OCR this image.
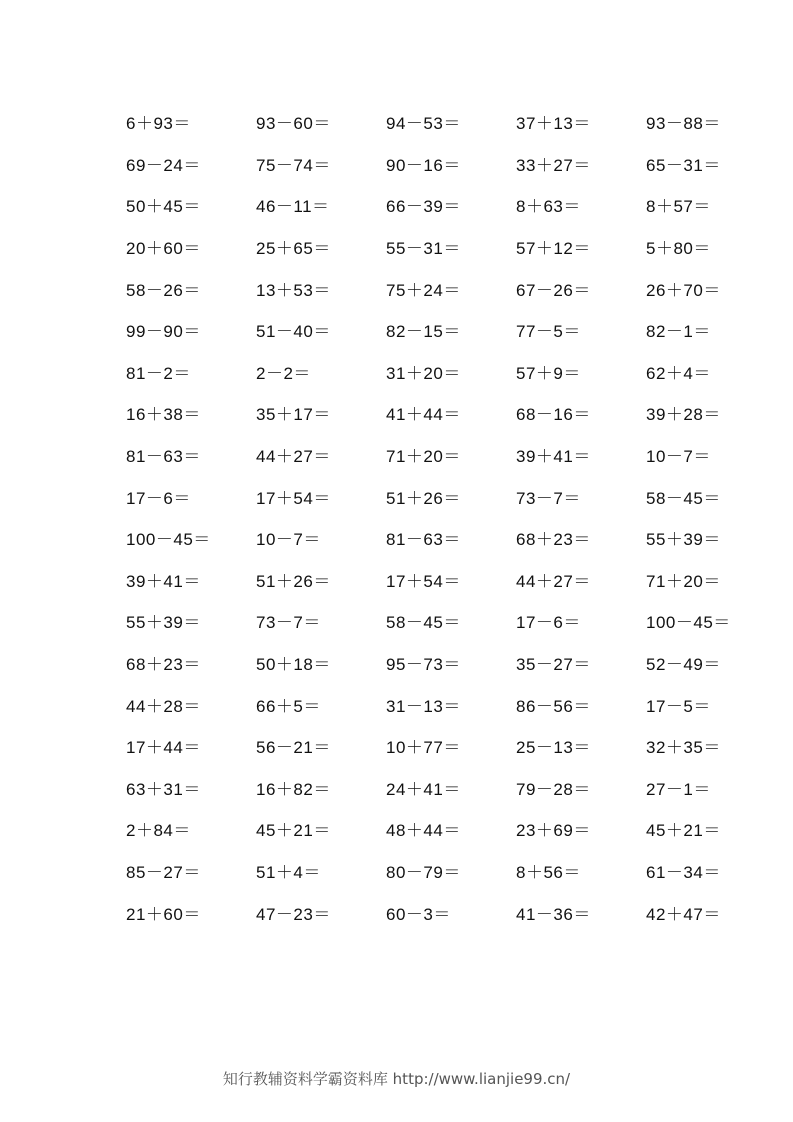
6＋93＝	93－60＝	94－53＝	37＋13＝	93－88＝
69－24＝	75－74＝	90－16＝	33＋27＝	65－31＝
50＋45＝	46－11＝	66－39＝	8＋63＝	8＋57＝
20＋60＝	25＋65＝	55－31＝	57＋12＝	5＋80＝
58－26＝	13＋53＝	75＋24＝	67－26＝	26＋70＝
99－90＝	51－40＝	82－15＝	77－5＝	82－1＝
81－2＝	2－2＝	31＋20＝	57＋9＝	62＋4＝
16＋38＝	35＋17＝	41＋44＝	68－16＝	39＋28＝
81－63＝	44＋27＝	71＋20＝	39＋41＝	10－7＝
17－6＝	17＋54＝	51＋26＝	73－7＝	58－45＝
100－45＝	10－7＝	81－63＝	68＋23＝	55＋39＝
39＋41＝	51＋26＝	17＋54＝	44＋27＝	71＋20＝
55＋39＝	73－7＝	58－45＝	17－6＝	100－45＝
68＋23＝	50＋18＝	95－73＝	35－27＝	52－49＝
44＋28＝	66＋5＝	31－13＝	86－56＝	17－5＝
17＋44＝	56－21＝	10＋77＝	25－13＝	32＋35＝
63＋31＝	16＋82＝	24＋41＝	79－28＝	27－1＝
2＋84＝	45＋21＝	48＋44＝	23＋69＝	45＋21＝
85－27＝	51＋4＝	80－79＝	8＋56＝	61－34＝
21＋60＝	47－23＝	60－3＝	41－36＝	42＋47＝
知行教辅资料学霸资料库 http://www.lianjie99.cn/
